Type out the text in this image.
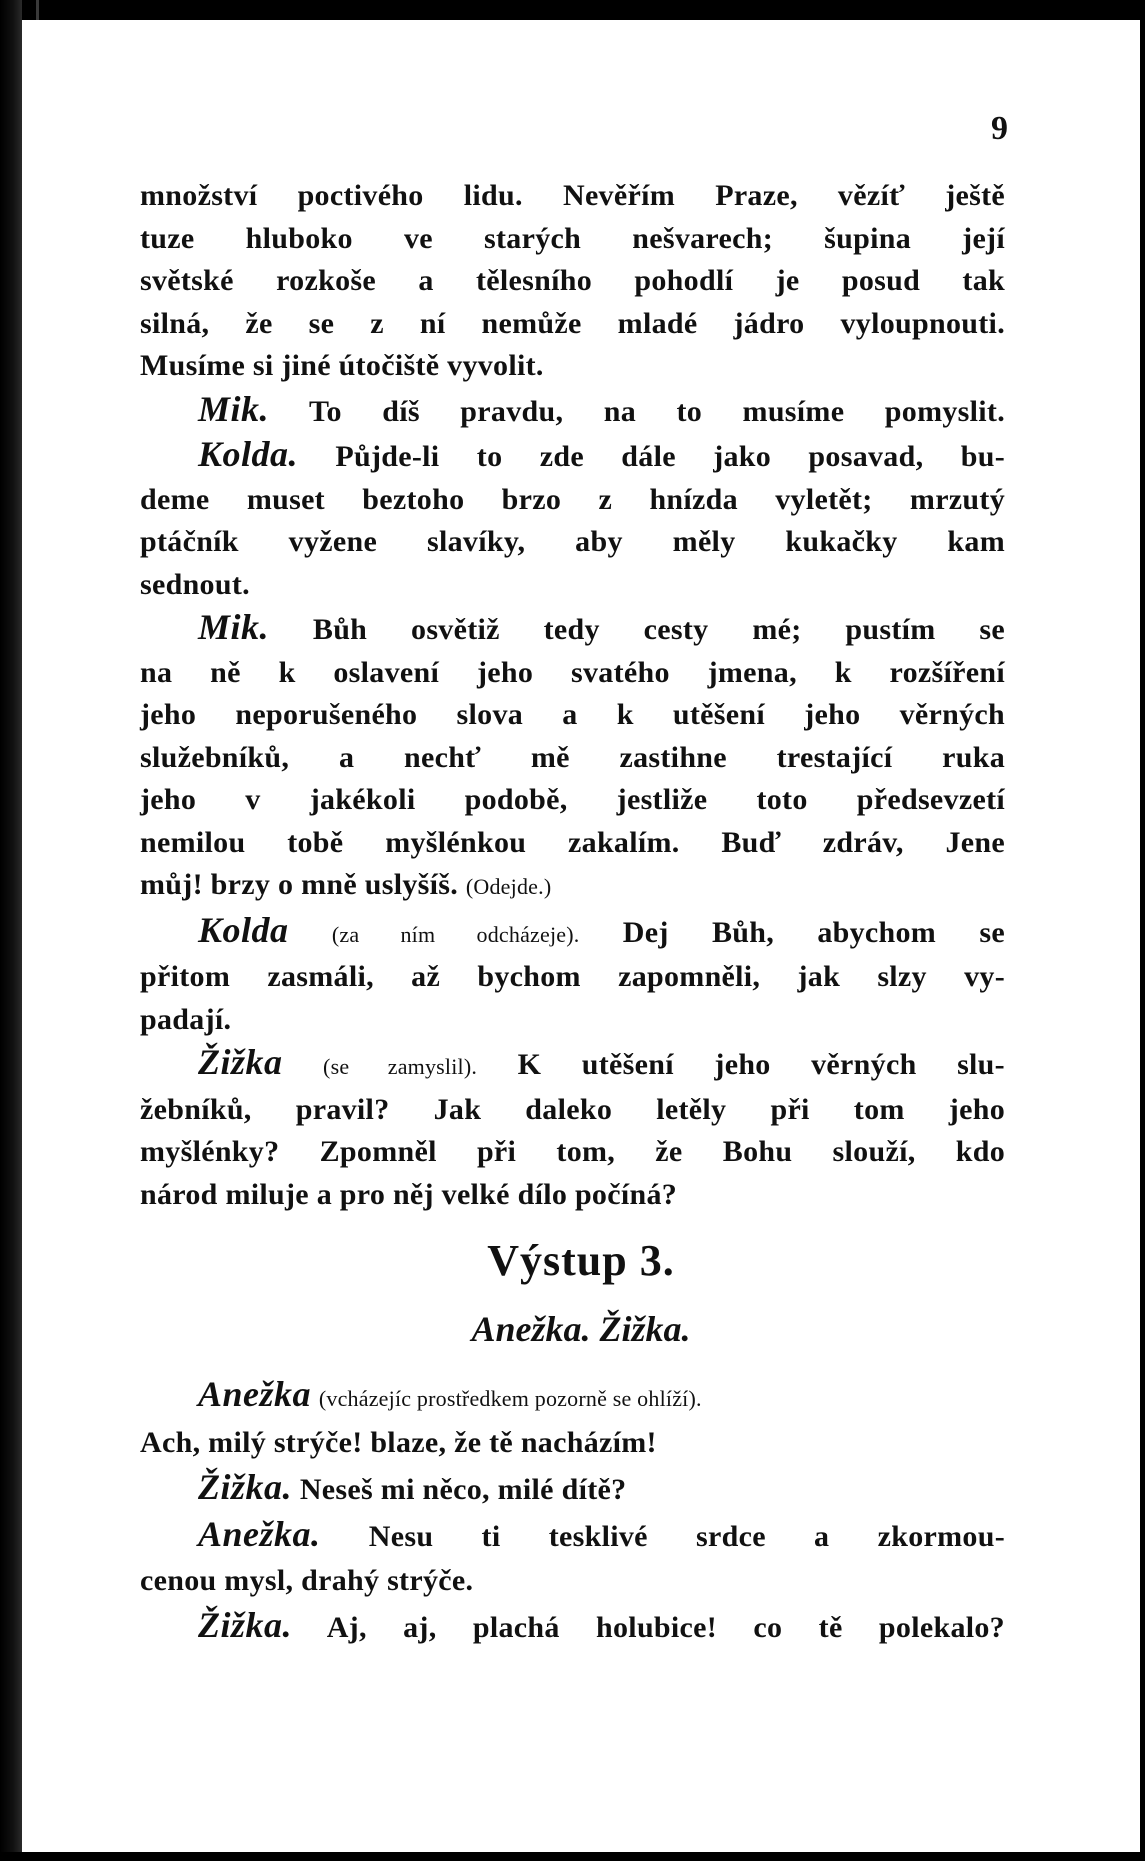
9
množství poctivého lidu. Nevěřím Praze, vězíť ještě
tuze hluboko ve starých nešvarech; šupina její
světské rozkoše a tělesního pohodlí je posud tak
silná, že se z ní nemůže mladé jádro vyloupnouti.
Musíme si jiné útočiště vyvolit.
Mik. To díš pravdu, na to musíme pomyslit.
Kolda. Půjde-li to zde dále jako posavad, bu-
deme muset beztoho brzo z hnízda vyletět; mrzutý
ptáčník vyžene slavíky, aby měly kukačky kam
sednout.
Mik. Bůh osvětiž tedy cesty mé; pustím se
na ně k oslavení jeho svatého jmena, k rozšíření
jeho neporušeného slova a k utěšení jeho věrných
služebníků, a nechť mě zastihne trestající ruka
jeho v jakékoli podobě, jestliže toto předsevzetí
nemilou tobě myšlénkou zakalím. Buď zdráv, Jene
můj! brzy o mně uslyšíš. (Odejde.)
Kolda (za ním odcházeje). Dej Bůh, abychom se
přitom zasmáli, až bychom zapomněli, jak slzy vy-
padají.
Žižka (se zamyslil). K utěšení jeho věrných slu-
žebníků, pravil? Jak daleko letěly při tom jeho
myšlénky? Zpomněl při tom, že Bohu slouží, kdo
národ miluje a pro něj velké dílo počíná?
Výstup 3.
Anežka. Žižka.
Anežka (vcházejíc prostředkem pozorně se ohlíží).
Ach, milý strýče! blaze, že tě nacházím!
Žižka. Neseš mi něco, milé dítě?
Anežka. Nesu ti tesklivé srdce a zkormou-
cenou mysl, drahý strýče.
Žižka. Aj, aj, plachá holubice! co tě polekalo?
